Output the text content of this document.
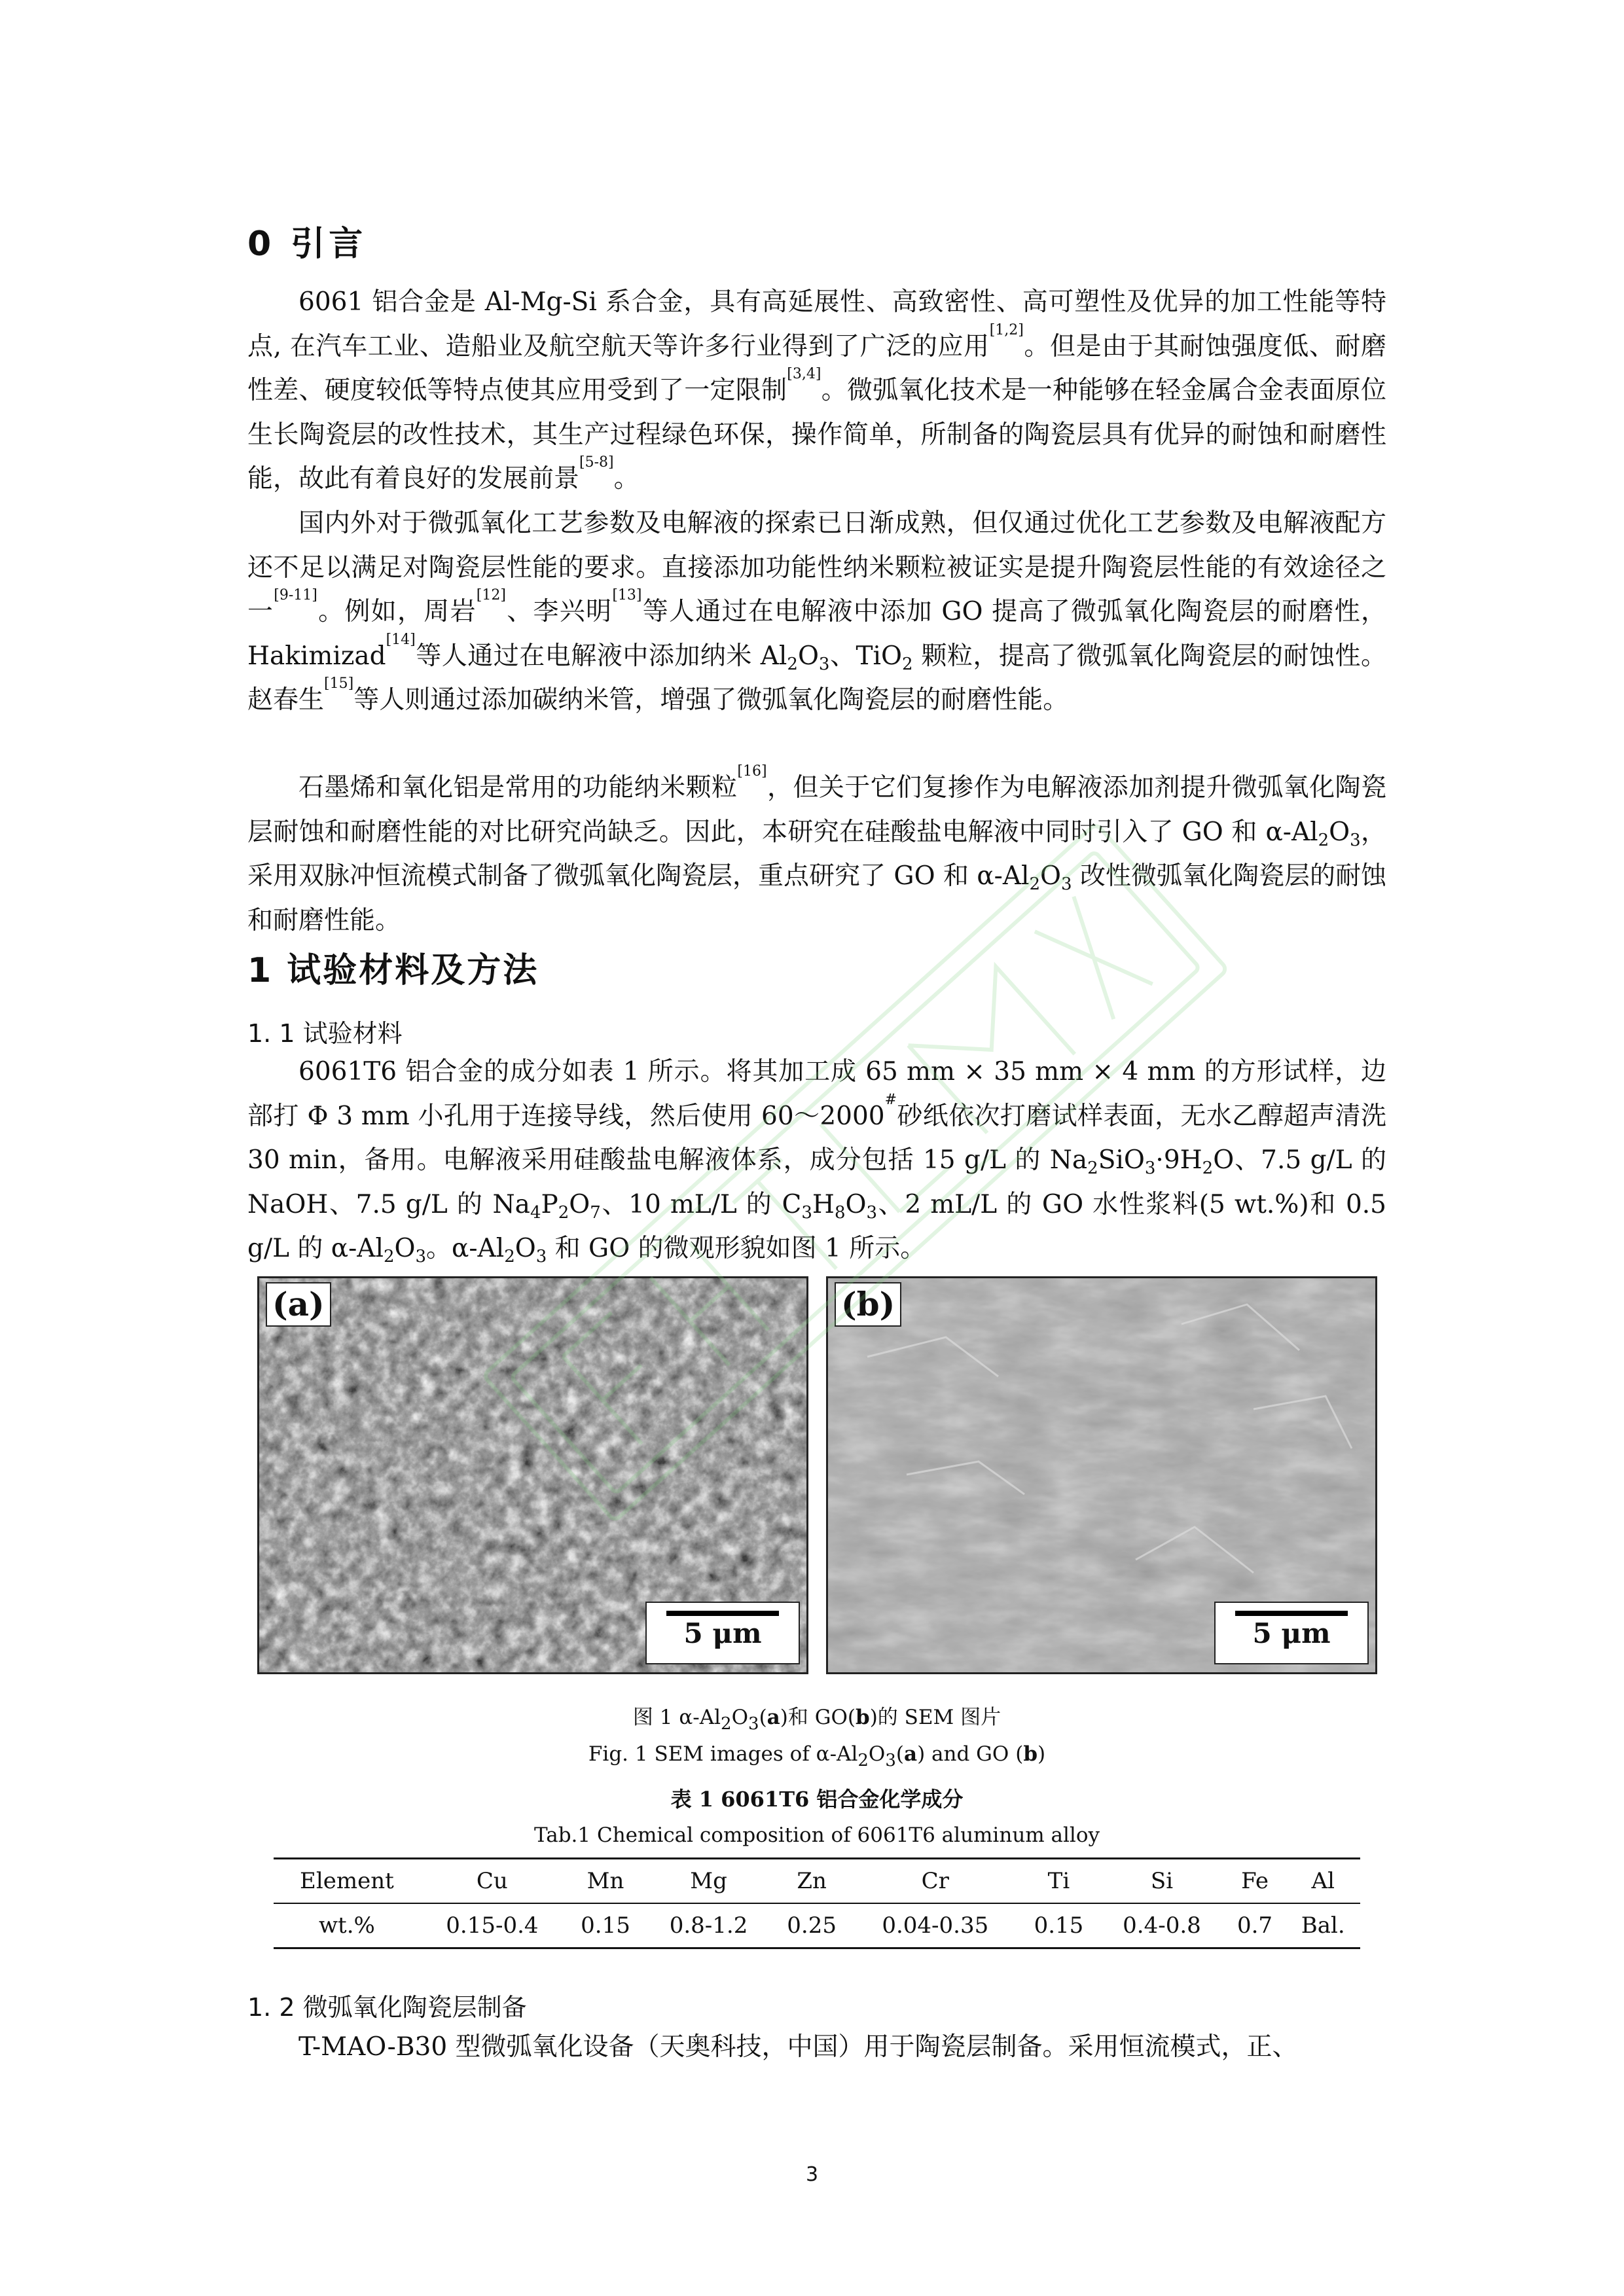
0 引言
6061 铝合金是 Al-Mg-Si 系合金，具有高延展性、高致密性、高可塑性及优异的加工性能等特点, 在汽车工业、造船业及航空航天等许多行业得到了广泛的应用[1,2]。但是由于其耐蚀强度低、耐磨性差、硬度较低等特点使其应用受到了一定限制[3,4]。微弧氧化技术是一种能够在轻金属合金表面原位生长陶瓷层的改性技术，其生产过程绿色环保，操作简单，所制备的陶瓷层具有优异的耐蚀和耐磨性能，故此有着良好的发展前景[5-8]。
国内外对于微弧氧化工艺参数及电解液的探索已日渐成熟，但仅通过优化工艺参数及电解液配方还不足以满足对陶瓷层性能的要求。直接添加功能性纳米颗粒被证实是提升陶瓷层性能的有效途径之一[9-11]。例如，周岩[12]、李兴明[13]等人通过在电解液中添加 GO 提高了微弧氧化陶瓷层的耐磨性，Hakimizad[14]等人通过在电解液中添加纳米 $Al_2O_3$、TiO$_2$ 颗粒，提高了微弧氧化陶瓷层的耐蚀性。赵春生[15]等人则通过添加碳纳米管，增强了微弧氧化陶瓷层的耐磨性能。
石墨烯和氧化铝是常用的功能纳米颗粒[16]，但关于它们复掺作为电解液添加剂提升微弧氧化陶瓷层耐蚀和耐磨性能的对比研究尚缺乏。因此，本研究在硅酸盐电解液中同时引入了 GO 和 $\alpha-Al_2O_3$，采用双脉冲恒流模式制备了微弧氧化陶瓷层，重点研究了 GO 和 $\alpha-Al_2O_3$ 改性微弧氧化陶瓷层的耐蚀和耐磨性能。
1 试验材料及方法
1. 1 试验材料
6061T6 铝合金的成分如表 1 所示。将其加工成 65 mm × 35 mm × 4 mm 的方形试样，边部打 Φ 3 mm 小孔用于连接导线，然后使用 60～2000#砂纸依次打磨试样表面，无水乙醇超声清洗 30 min，备用。电解液采用硅酸盐电解液体系，成分包括 15 g/L 的 $Na_2SiO_3\cdot 9H_2O$、7.5 g/L 的 NaOH、7.5 g/L 的 $Na_4P_2O_7$、10 mL/L 的 $C_3H_8O_3$、2 mL/L 的 GO 水性浆料(5 wt.%)和 0.5 g/L 的 $\alpha-Al_2O_3$。$\alpha-Al_2O_3$ 和 GO 的微观形貌如图 1 所示。
(a)
5 μm
(b)
5 μm
图 1 $\alpha-Al_2O_3(a)$和 GO(b)的 SEM 图片
Fig. 1 SEM images of $\alpha-Al_2O_3(a)$ and GO (b)
表 1 6061T6 铝合金化学成分
Tab.1 Chemical composition of 6061T6 aluminum alloy
Element	Cu	Mn	Mg	Zn	Cr	Ti	Si	Fe	Al
wt.%	0.15-0.4	0.15	0.8-1.2	0.25	0.04-0.35	0.15	0.4-0.8	0.7	Bal.
1. 2 微弧氧化陶瓷层制备
T-MAO-B30 型微弧氧化设备（天奥科技，中国）用于陶瓷层制备。采用恒流模式，正、
3
